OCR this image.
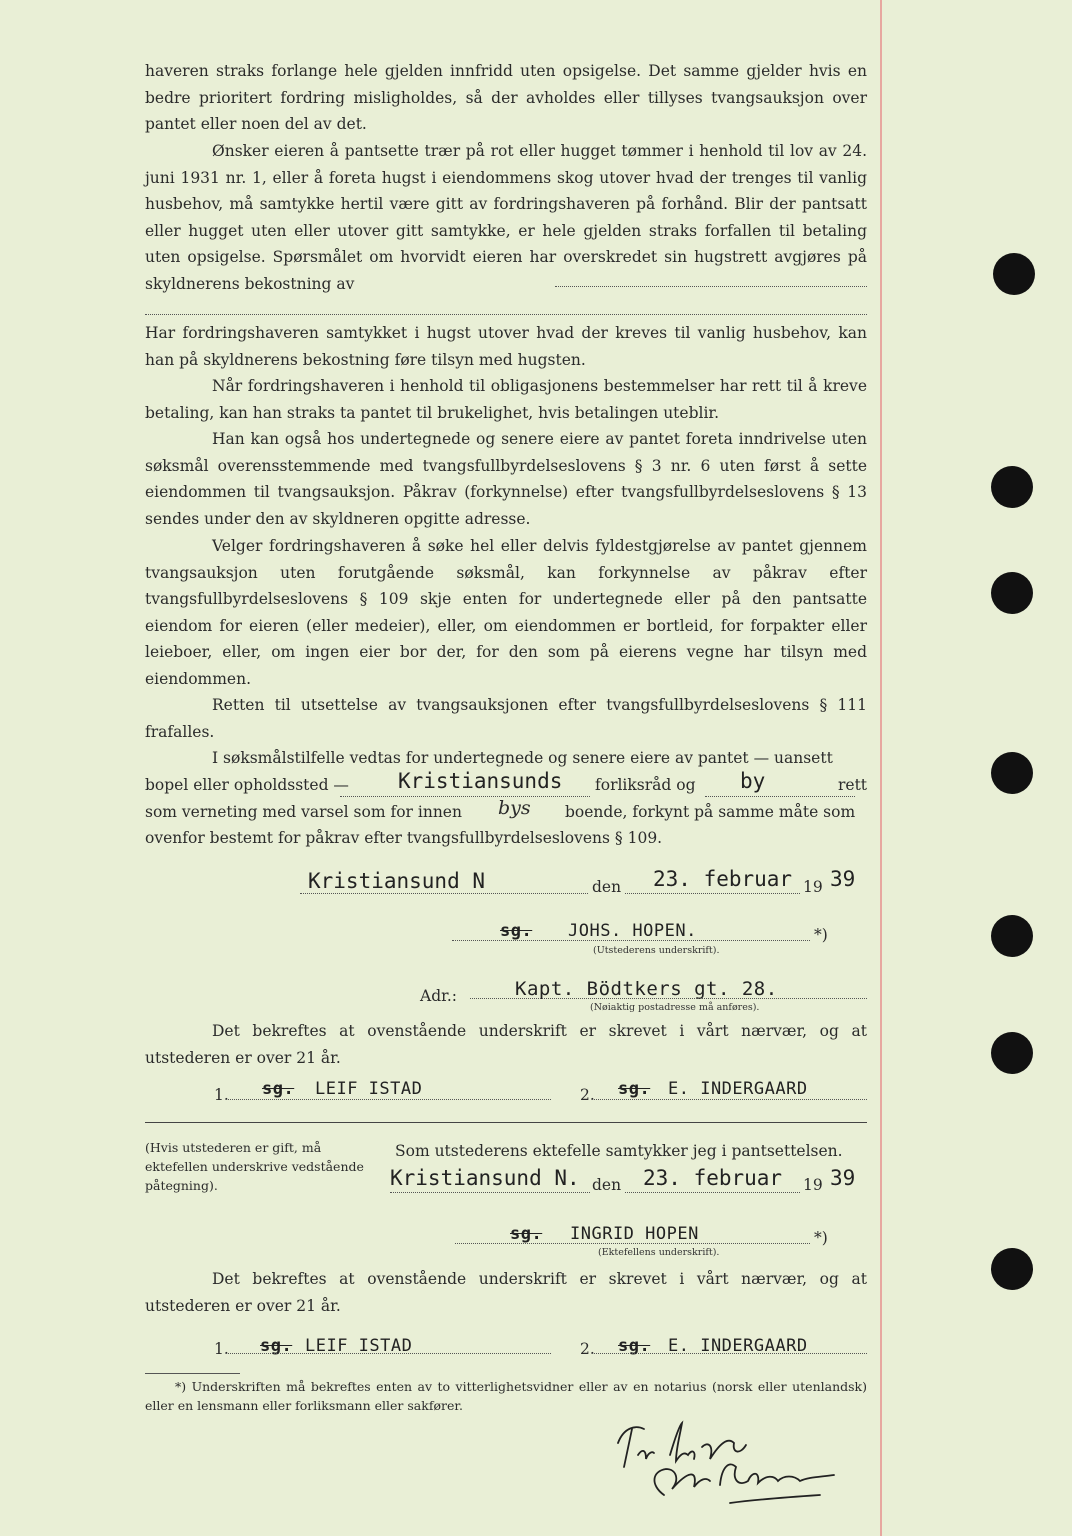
haveren straks forlange hele gjelden innfridd uten opsigelse. Det samme gjelder hvis en bedre prioritert fordring misligholdes, så der avholdes eller tillyses tvangsauksjon over pantet eller noen del av det.

Ønsker eieren å pantsette trær på rot eller hugget tømmer i henhold til lov av 24. juni 1931 nr. 1, eller å foreta hugst i eiendommens skog utover hvad der trenges til vanlig husbehov, må samtykke hertil være gitt av fordringshaveren på forhånd. Blir der pantsatt eller hugget uten eller utover gitt samtykke, er hele gjelden straks forfallen til betaling uten opsigelse. Spørsmålet om hvorvidt eieren har overskredet sin hugstrett avgjøres på skyldnerens bekostning av

Har fordringshaveren samtykket i hugst utover hvad der kreves til vanlig husbehov, kan han på skyldnerens bekostning føre tilsyn med hugsten.

Når fordringshaveren i henhold til obligasjonens bestemmelser har rett til å kreve betaling, kan han straks ta pantet til brukelighet, hvis betalingen uteblir.

Han kan også hos undertegnede og senere eiere av pantet foreta inndrivelse uten søksmål overensstemmende med tvangsfullbyrdelseslovens § 3 nr. 6 uten først å sette eiendommen til tvangsauksjon. Påkrav (forkynnelse) efter tvangsfullbyrdelseslovens § 13 sendes under den av skyldneren opgitte adresse.

Velger fordringshaveren å søke hel eller delvis fyldestgjørelse av pantet gjennem tvangsauksjon uten forutgående søksmål, kan forkynnelse av påkrav efter tvangsfullbyrdelseslovens § 109 skje enten for undertegnede eller på den pantsatte eiendom for eieren (eller medeier), eller, om eiendommen er bortleid, for forpakter eller leieboer, eller, om ingen eier bor der, for den som på eierens vegne har tilsyn med eiendommen.

Retten til utsettelse av tvangsauksjonen efter tvangsfullbyrdelseslovens § 111 frafalles.

I søksmålstilfelle vedtas for undertegnede og senere eiere av pantet — uansett
bopel eller opholdssted — Kristiansunds forliksråd og by	rett
som verneting med varsel som for innen bys boende, forkynt på samme måte som
ovenfor bestemt for påkrav efter tvangsfullbyrdelseslovens § 109.
Kristiansund N	den 23. februar 19 39
sg. JOHS. HOPEN.	*)
(Utstederens underskrift).
Adr.:	Kapt. Bödtkers gt. 28.
(Nøiaktig postadresse må anføres).

Det bekreftes at ovenstående underskrift er skrevet i vårt nærvær, og at utstederen er over 21 år.

1. sg. LEIF ISTAD	2. sg. E. INDERGAARD

(Hvis utstederen er gift, må ektefellen underskrive vedstående påtegning).

Som utstederens ektefelle samtykker jeg i pantsettelsen.
Kristiansund N. den 23. februar 19 39
sg. INGRID HOPEN	*)
(Ektefellens underskrift).

Det bekreftes at ovenstående underskrift er skrevet i vårt nærvær, og at utstederen er over 21 år.

1. sg. LEIF ISTAD	2. sg. E. INDERGAARD

*) Underskriften må bekreftes enten av to vitterlighetsvidner eller av en notarius (norsk eller utenlandsk) eller en lensmann eller forliksmann eller sakfører.
